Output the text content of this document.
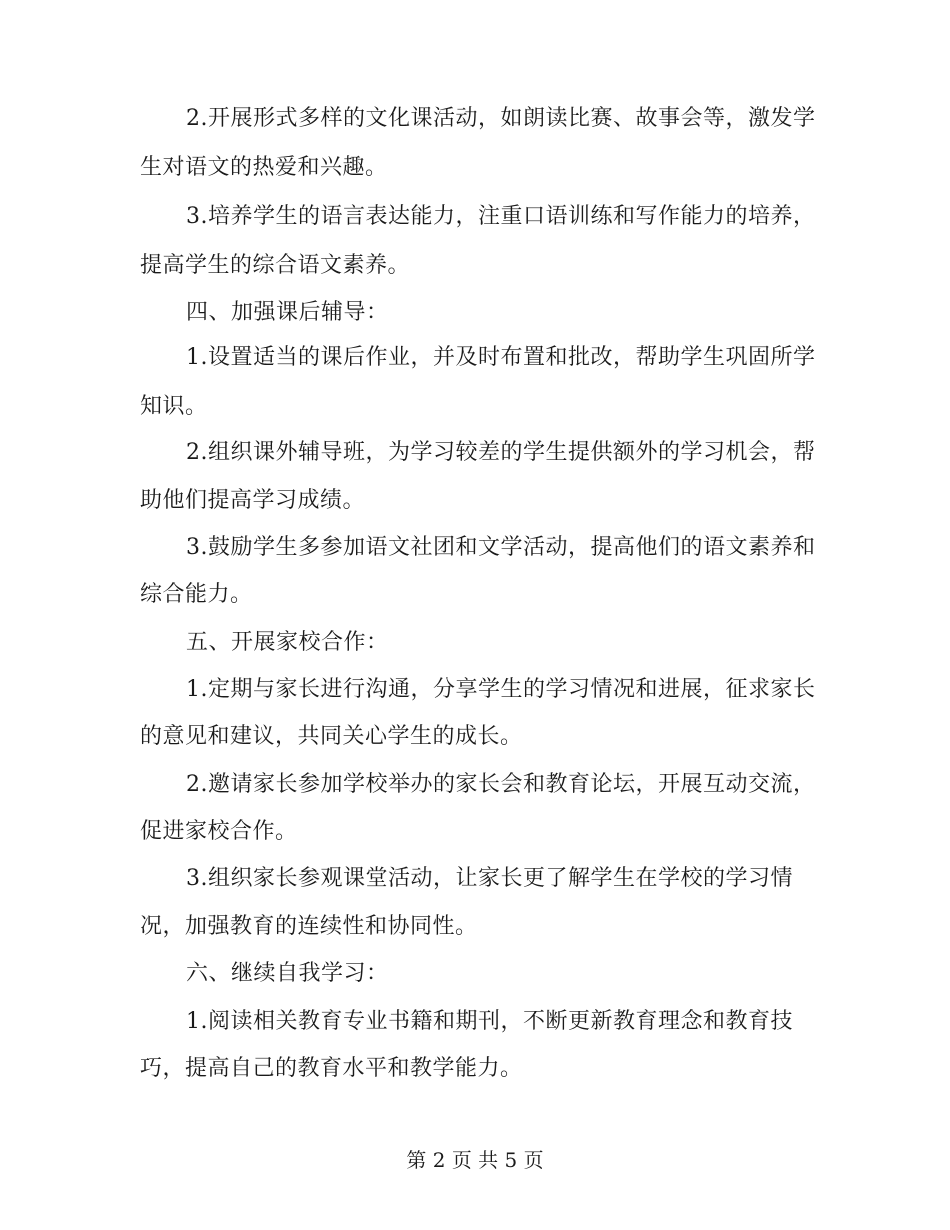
2.开展形式多样的文化课活动，如朗读比赛、故事会等，激发学
生对语文的热爱和兴趣。
3.培养学生的语言表达能力，注重口语训练和写作能力的培养，
提高学生的综合语文素养。
四、加强课后辅导：
1.设置适当的课后作业，并及时布置和批改，帮助学生巩固所学
知识。
2.组织课外辅导班，为学习较差的学生提供额外的学习机会，帮
助他们提高学习成绩。
3.鼓励学生多参加语文社团和文学活动，提高他们的语文素养和
综合能力。
五、开展家校合作：
1.定期与家长进行沟通，分享学生的学习情况和进展，征求家长
的意见和建议，共同关心学生的成长。
2.邀请家长参加学校举办的家长会和教育论坛，开展互动交流，
促进家校合作。
3.组织家长参观课堂活动，让家长更了解学生在学校的学习情
况，加强教育的连续性和协同性。
六、继续自我学习：
1.阅读相关教育专业书籍和期刊，不断更新教育理念和教育技
巧，提高自己的教育水平和教学能力。
第 2 页 共 5 页
